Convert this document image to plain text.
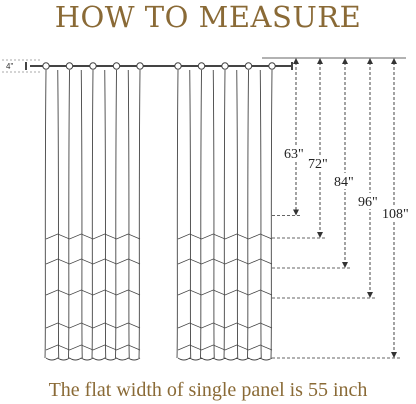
HOW TO MEASURE
4"
63"
72"
84"
96"
108"
The flat width of single panel is 55 inch
